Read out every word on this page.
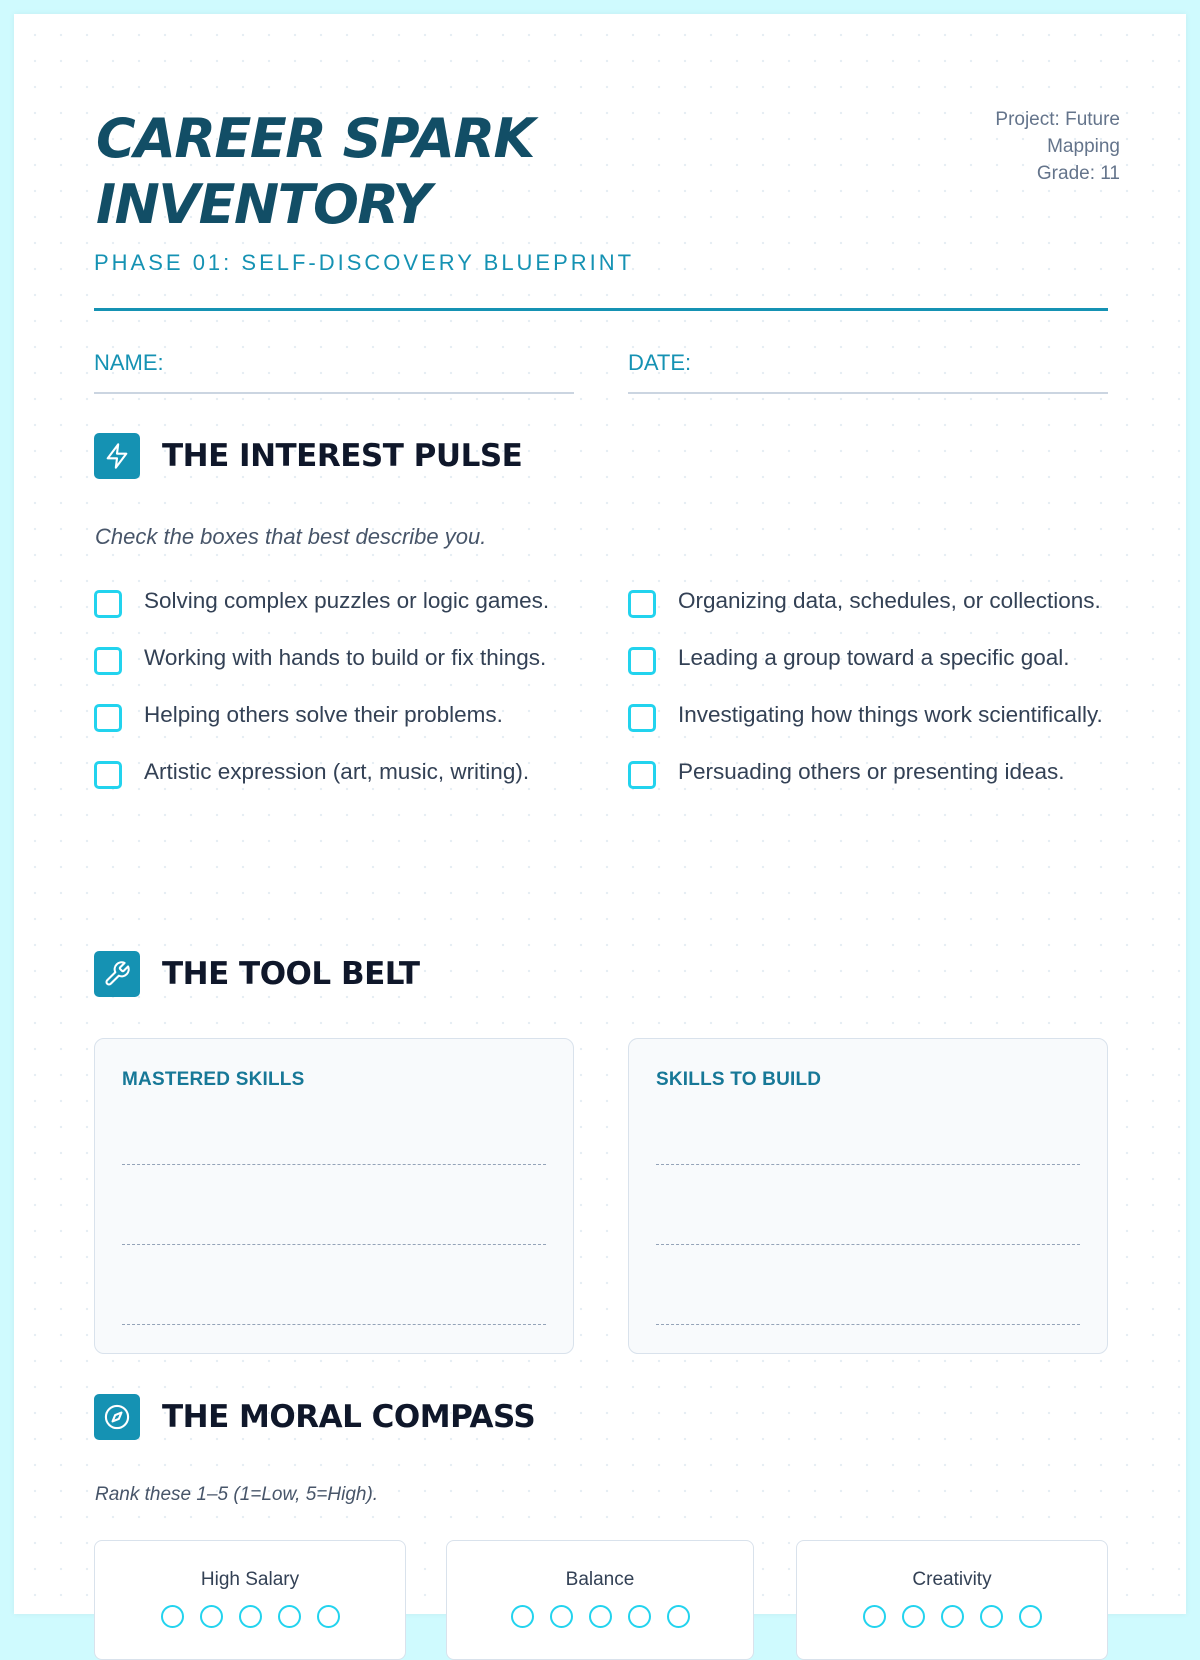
CAREER SPARK
INVENTORY
PHASE 01: SELF-DISCOVERY BLUEPRINT
Project: Future
Mapping
Grade: 11
NAME:	DATE:
THE INTEREST PULSE
Check the boxes that best describe you.
Solving complex puzzles or logic games.
Working with hands to build or fix things.
Helping others solve their problems.
Artistic expression (art, music, writing).
Organizing data, schedules, or collections.
Leading a group toward a specific goal.
Investigating how things work scientifically.
Persuading others or presenting ideas.
THE TOOL BELT
MASTERED SKILLS	SKILLS TO BUILD
THE MORAL COMPASS
Rank these 1–5 (1=Low, 5=High).
High Salary	Balance	Creativity
